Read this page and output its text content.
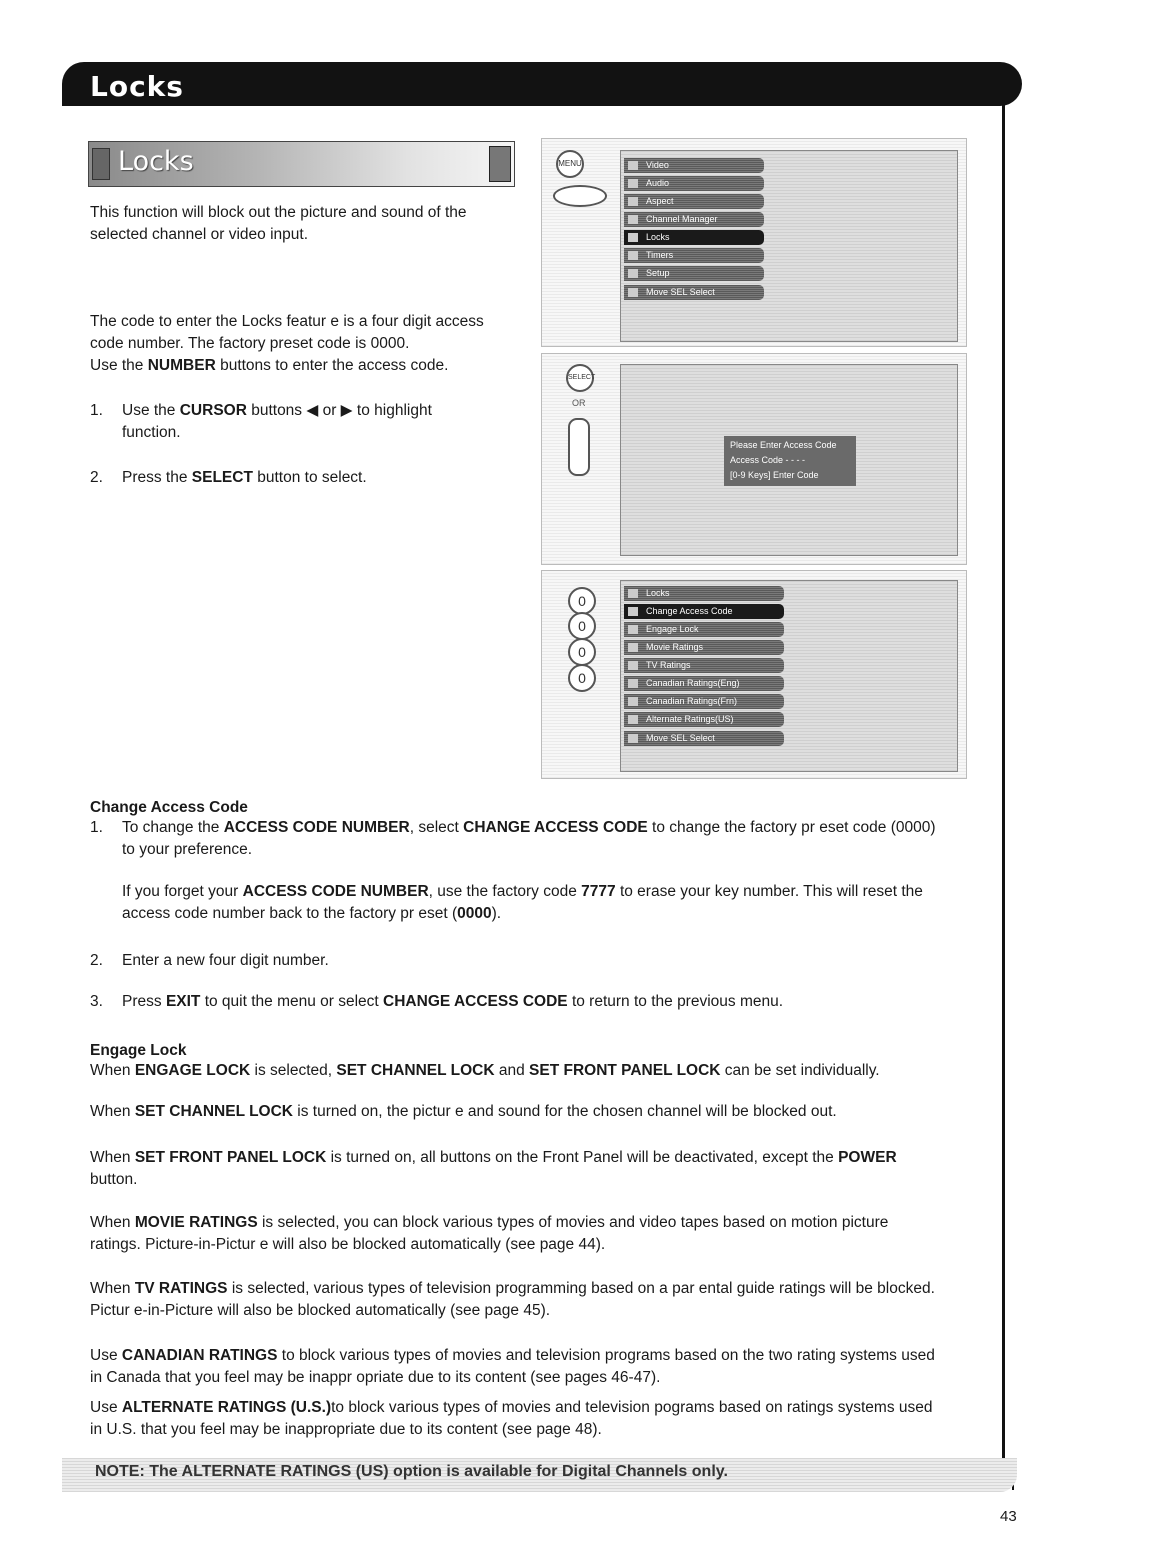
Locks
Locks
This function will block out the picture and sound of the selected channel or video input.
The code to enter the Locks featur e is a four digit access code number. The factory preset code is 0000.
Use the NUMBER buttons to enter the access code.
1.	Use the CURSOR buttons ◀ or ▶ to highlight function.
2.	Press the SELECT button to select.
MENU	Video
Audio
Aspect
Channel Manager
Locks
Timers
Setup
Move SEL Select
SELECT
OR
Please Enter Access Code
Access Code - - - -
[0-9 Keys] Enter Code
0
0
0
0
Locks
Change Access Code
Engage Lock
Movie Ratings
TV Ratings
Canadian Ratings(Eng)
Canadian Ratings(Frn)
Alternate Ratings(US)
Move SEL Select
Change Access Code
1.	To change the ACCESS CODE NUMBER, select CHANGE ACCESS CODE to change the factory pr eset code (0000) to your preference.
If you forget your ACCESS CODE NUMBER, use the factory code 7777 to erase your key number. This will reset the access code number back to the factory pr eset (0000).
2.	Enter a new four digit number.
3.	Press EXIT to quit the menu or select CHANGE ACCESS CODE to return to the previous menu.
Engage Lock
When ENGAGE LOCK is selected, SET CHANNEL LOCK and SET FRONT PANEL LOCK can be set individually.
When SET CHANNEL LOCK is turned on, the pictur e and sound for the chosen channel will be blocked out.
When SET FRONT PANEL LOCK is turned on, all buttons on the Front Panel will be deactivated, except the POWER button.
When MOVIE RATINGS is selected, you can block various types of movies and video tapes based on motion picture ratings. Picture-in-Pictur e will also be blocked automatically (see page 44).
When TV RATINGS is selected, various types of television programming based on a par ental guide ratings will be blocked. Pictur e-in-Picture will also be blocked automatically (see page 45).
Use CANADIAN RATINGS to block various types of movies and television programs based on the two rating systems used in Canada that you feel may be inappr opriate due to its content (see pages 46-47).
Use ALTERNATE RATINGS (U.S.)to block various types of movies and television pograms based on ratings systems used in U.S. that you feel may be inappropriate due to its content (see page 48).
NOTE: The ALTERNATE RATINGS (US) option is available for Digital Channels only.
43
